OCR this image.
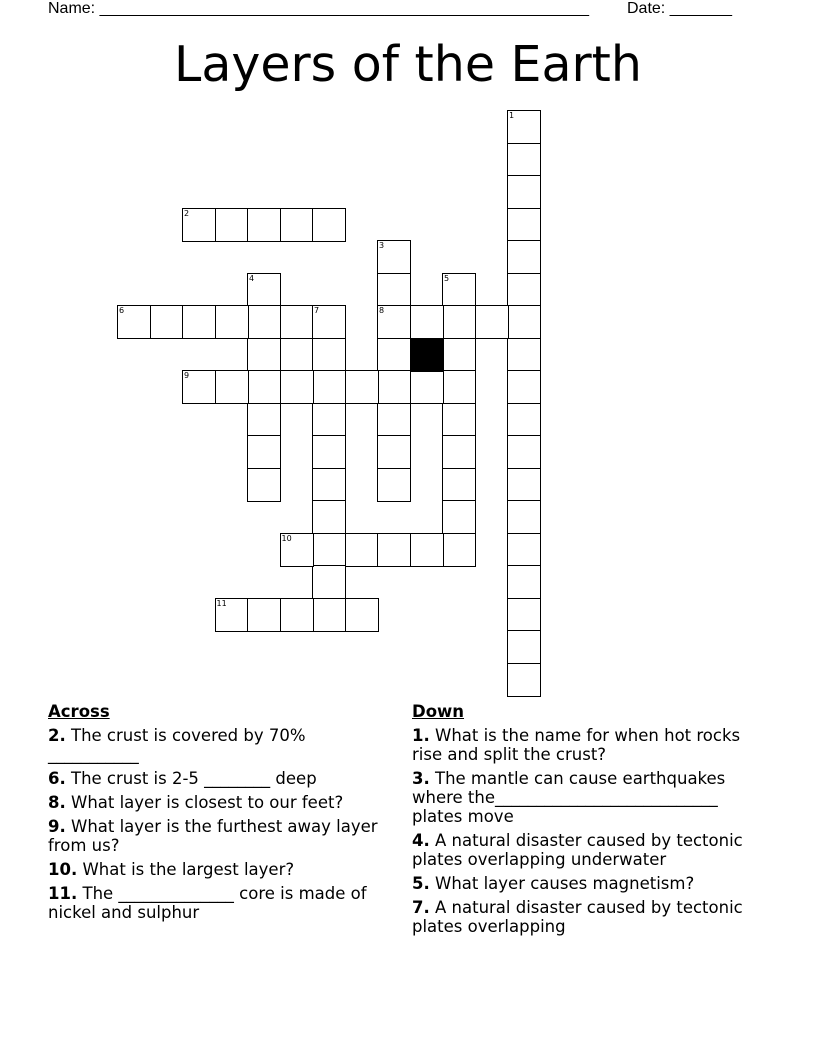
Name: _______________________________________________________ Date: _______
Layers of the Earth
1
2
3
8
4	5
6	7
9
10
11
Across
2. The crust is covered by 70% ___________
6. The crust is 2-5 ________ deep
8. What layer is closest to our feet?
9. What layer is the furthest away layer from us?
10. What is the largest layer?
11. The ______________ core is made of nickel and sulphur
Down
1. What is the name for when hot rocks rise and split the crust?
3. The mantle can cause earthquakes where the___________________________ plates move
4. A natural disaster caused by tectonic plates overlapping underwater
5. What layer causes magnetism?
7. A natural disaster caused by tectonic plates overlapping
